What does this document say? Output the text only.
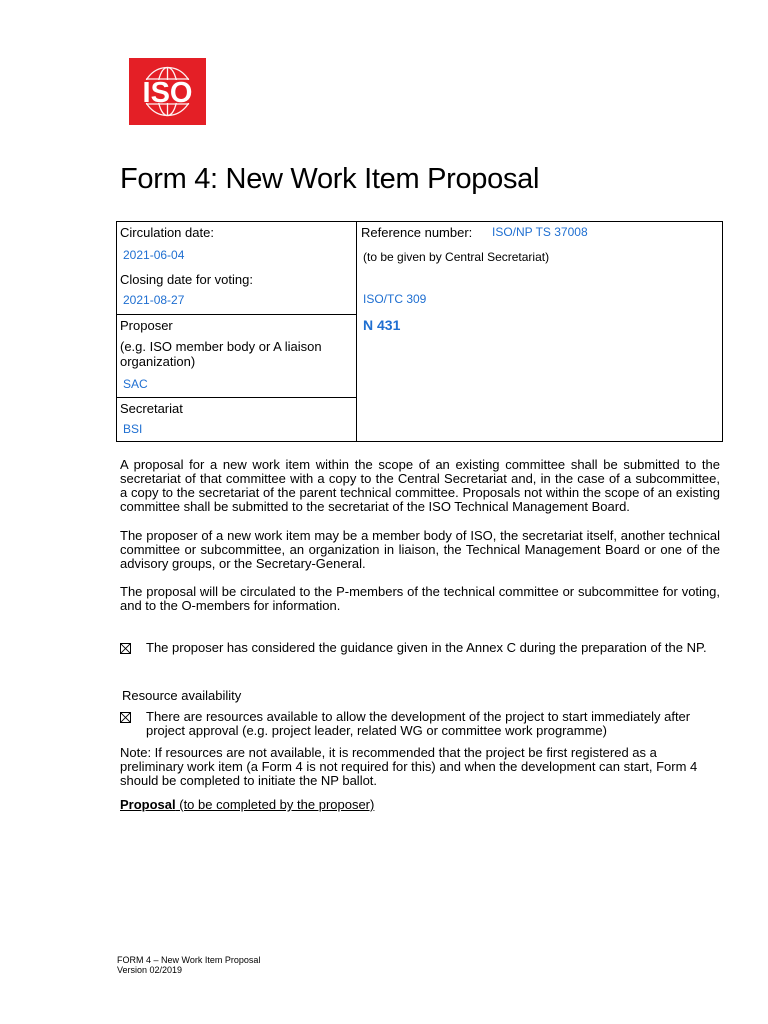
ISO
Form 4: New Work Item Proposal
Circulation date:
2021-06-04
Closing date for voting:
2021-08-27
Proposer
(e.g. ISO member body or A liaison organization)
SAC
Secretariat
BSI
Reference number: ISO/NP TS 37008
(to be given by Central Secretariat)
ISO/TC 309
N 431

A proposal for a new work item within the scope of an existing committee shall be submitted to the secretariat of that committee with a copy to the Central Secretariat and, in the case of a subcommittee, a copy to the secretariat of the parent technical committee. Proposals not within the scope of an existing committee shall be submitted to the secretariat of the ISO Technical Management Board.

The proposer of a new work item may be a member body of ISO, the secretariat itself, another technical committee or subcommittee, an organization in liaison, the Technical Management Board or one of the advisory groups, or the Secretary-General.

The proposal will be circulated to the P-members of the technical committee or subcommittee for voting, and to the O-members for information.

The proposer has considered the guidance given in the Annex C during the preparation of the NP.
Resource availability
There are resources available to allow the development of the project to start immediately after project approval (e.g. project leader, related WG or committee work programme)

Note: If resources are not available, it is recommended that the project be first registered as a preliminary work item (a Form 4 is not required for this) and when the development can start, Form 4 should be completed to initiate the NP ballot.

Proposal (to be completed by the proposer)
FORM 4 – New Work Item Proposal
Version 02/2019
